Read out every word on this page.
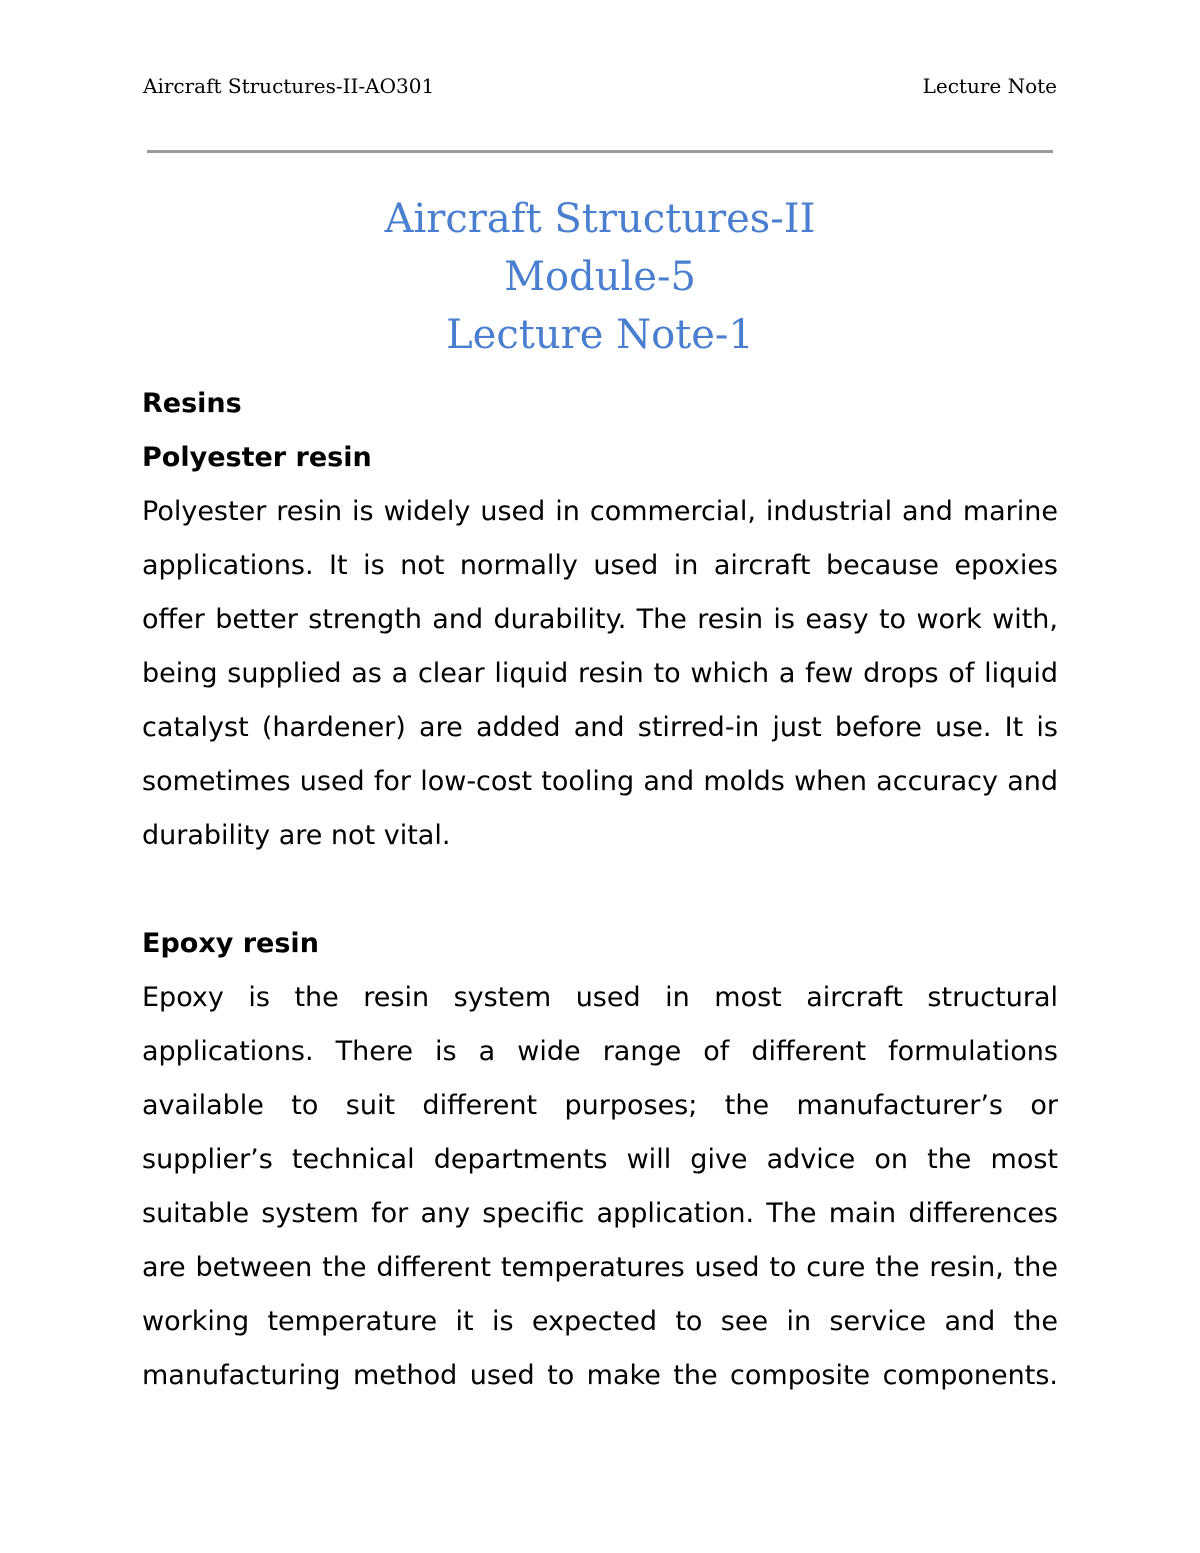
Aircraft Structures-II-AO301	Lecture Note
Aircraft Structures-II
Module-5
Lecture Note-1

Resins

Polyester resin

Polyester resin is widely used in commercial, industrial and marine applications. It is not normally used in aircraft because epoxies offer better strength and durability. The resin is easy to work with, being supplied as a clear liquid resin to which a few drops of liquid catalyst (hardener) are added and stirred-in just before use. It is sometimes used for low-cost tooling and molds when accuracy and durability are not vital.

Epoxy resin

Epoxy is the resin system used in most aircraft structural applications. There is a wide range of different formulations available to suit different purposes; the manufacturer’s or supplier’s technical departments will give advice on the most suitable system for any specific application. The main differences are between the different temperatures used to cure the resin, the working temperature it is expected to see in service and the manufacturing method used to make the composite components.
